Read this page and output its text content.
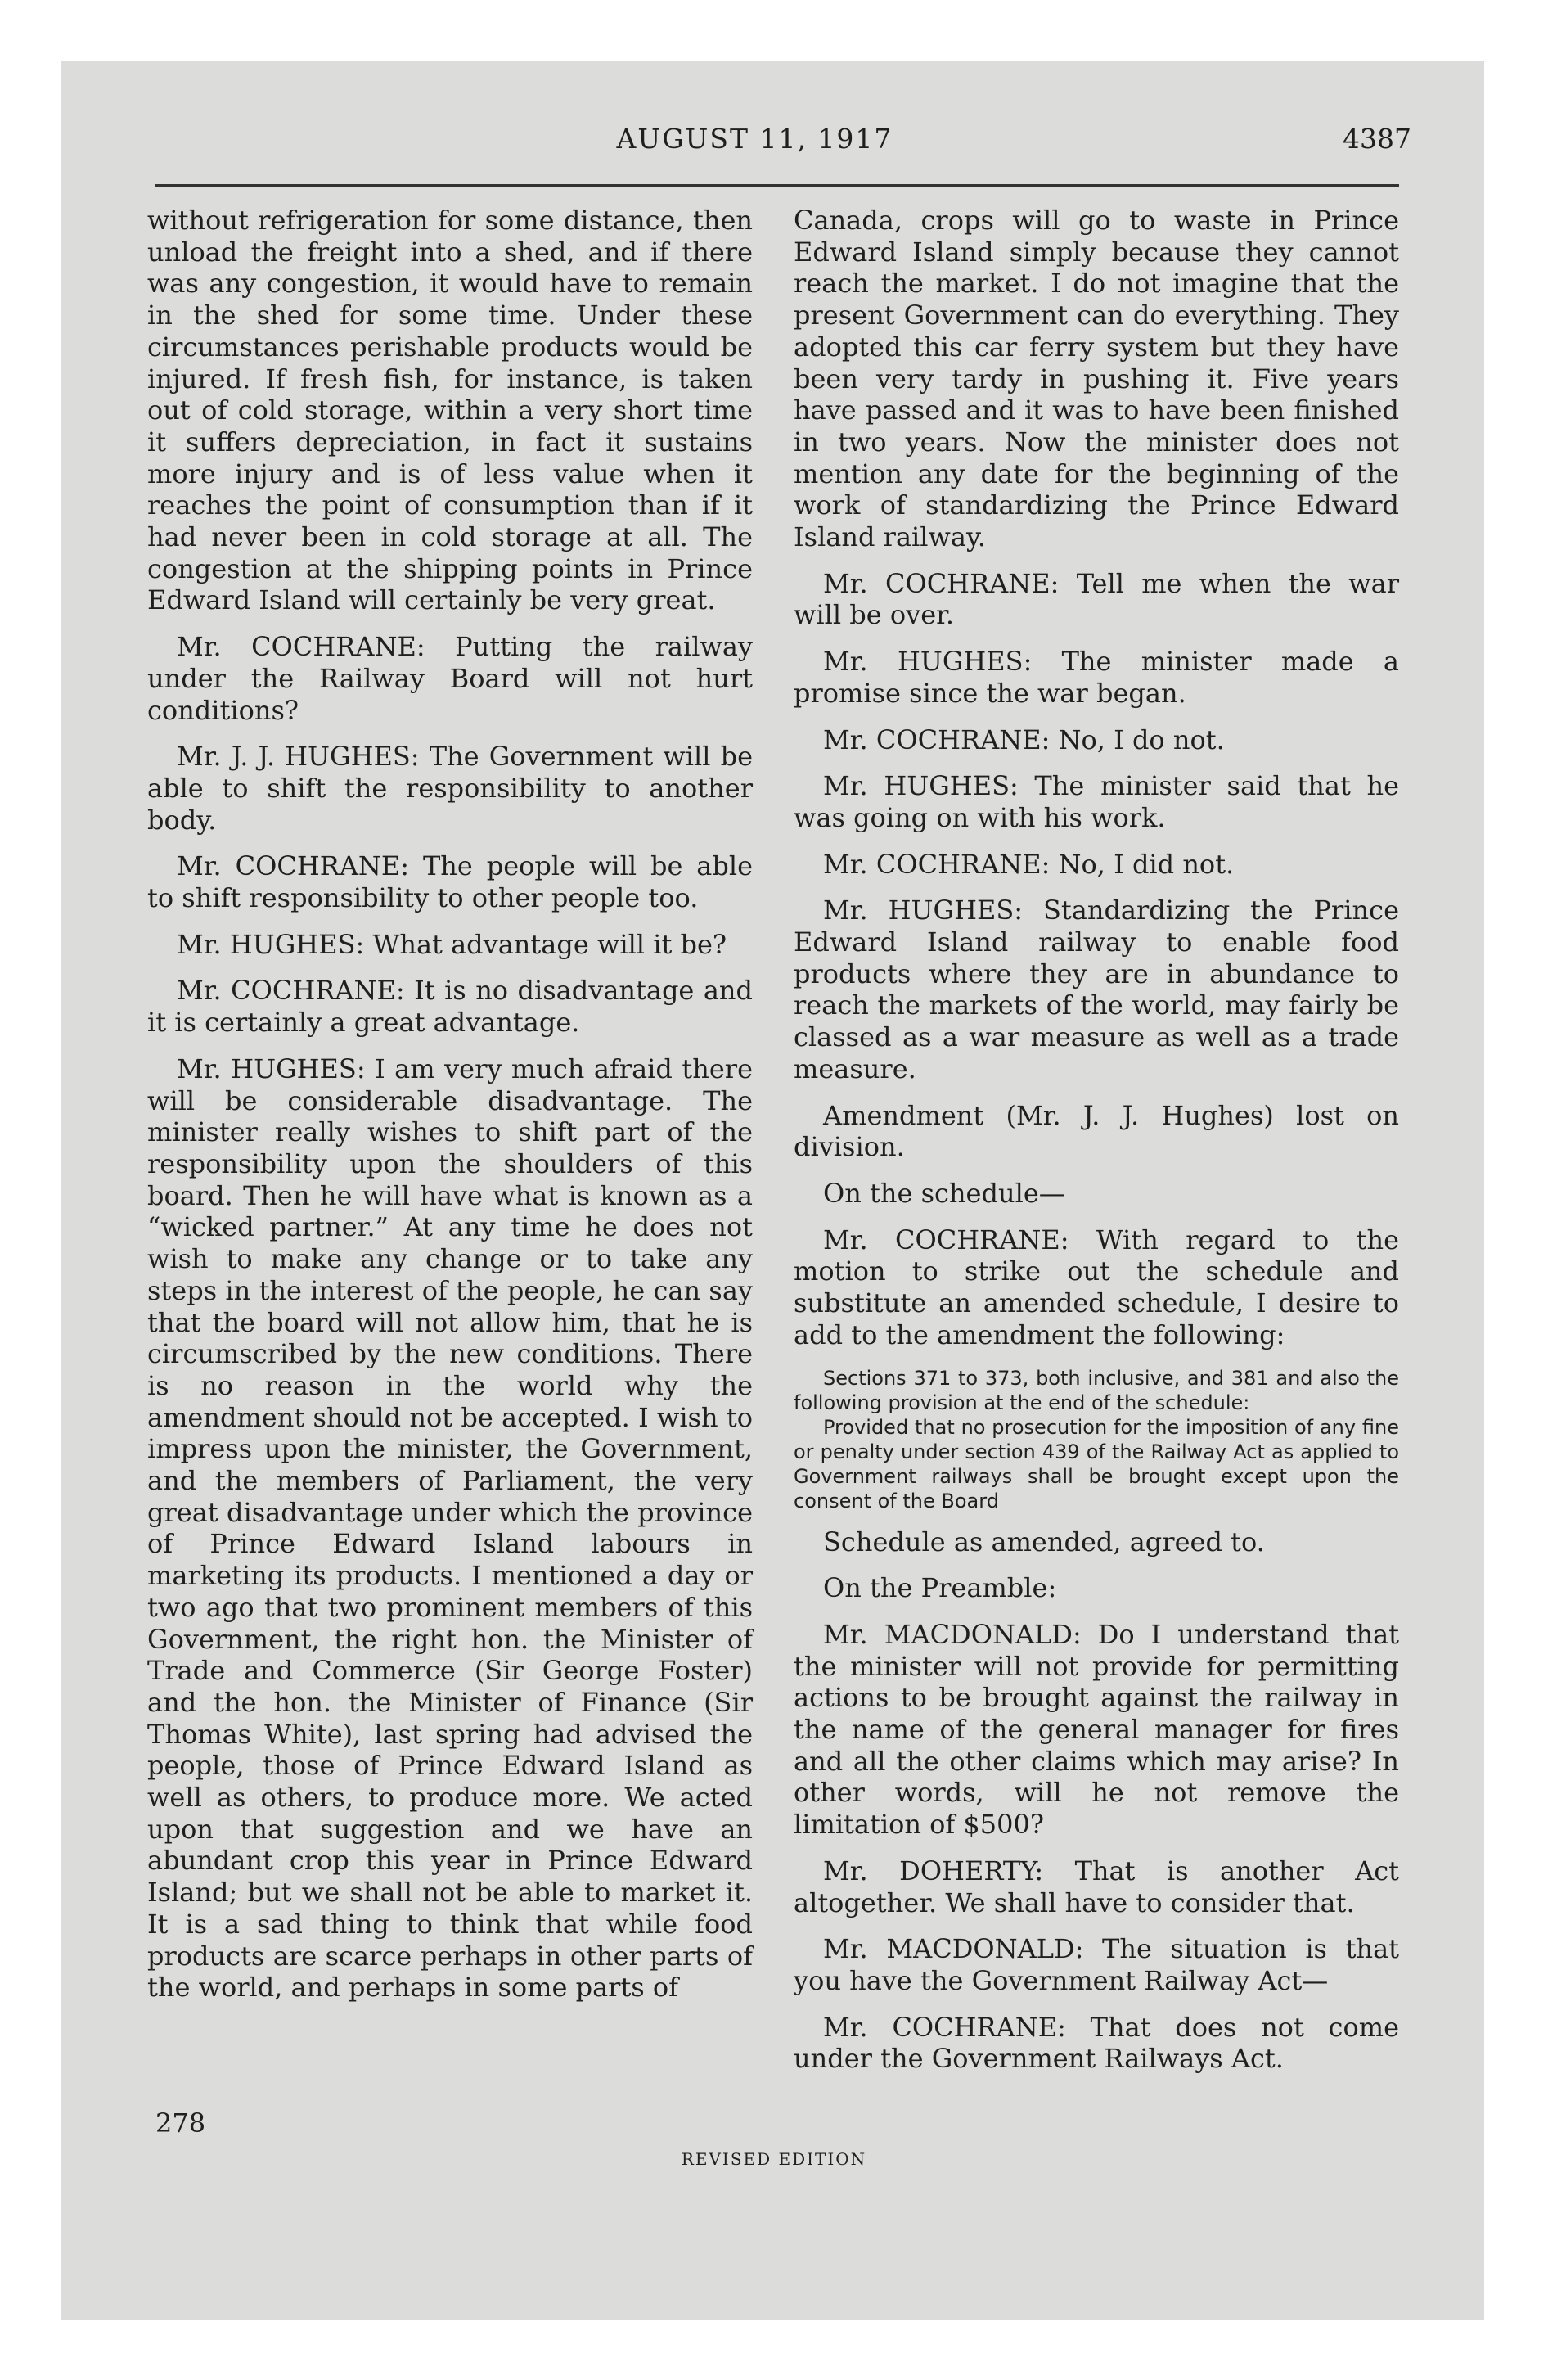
AUGUST 11, 1917	4387

without refrigeration for some distance, then unload the freight into a shed, and if there was any congestion, it would have to remain in the shed for some time. Under these circumstances perishable products would be injured. If fresh fish, for instance, is taken out of cold storage, within a very short time it suffers depreciation, in fact it sustains more injury and is of less value when it reaches the point of consumption than if it had never been in cold storage at all. The congestion at the shipping points in Prince Edward Island will certainly be very great.

Mr. COCHRANE: Putting the railway under the Railway Board will not hurt conditions?

Mr. J. J. HUGHES: The Government will be able to shift the responsibility to another body.

Mr. COCHRANE: The people will be able to shift responsibility to other people too.

Mr. HUGHES: What advantage will it be?

Mr. COCHRANE: It is no disadvantage and it is certainly a great advantage.

Mr. HUGHES: I am very much afraid there will be considerable disadvantage. The minister really wishes to shift part of the responsibility upon the shoulders of this board. Then he will have what is known as a “wicked partner.” At any time he does not wish to make any change or to take any steps in the interest of the people, he can say that the board will not allow him, that he is circumscribed by the new conditions. There is no reason in the world why the amendment should not be accepted. I wish to impress upon the minister, the Government, and the members of Parliament, the very great disadvantage under which the province of Prince Edward Island labours in marketing its products. I mentioned a day or two ago that two prominent members of this Government, the right hon. the Minister of Trade and Commerce (Sir George Foster) and the hon. the Minister of Finance (Sir Thomas White), last spring had advised the people, those of Prince Edward Island as well as others, to produce more. We acted upon that suggestion and we have an abundant crop this year in Prince Edward Island; but we shall not be able to market it. It is a sad thing to think that while food products are scarce perhaps in other parts of the world, and perhaps in some parts of

Canada, crops will go to waste in Prince Edward Island simply because they cannot reach the market. I do not imagine that the present Government can do everything. They adopted this car ferry system but they have been very tardy in pushing it. Five years have passed and it was to have been finished in two years. Now the minister does not mention any date for the beginning of the work of standardizing the Prince Edward Island railway.

Mr. COCHRANE: Tell me when the war will be over.

Mr. HUGHES: The minister made a promise since the war began.

Mr. COCHRANE: No, I do not.

Mr. HUGHES: The minister said that he was going on with his work.

Mr. COCHRANE: No, I did not.

Mr. HUGHES: Standardizing the Prince Edward Island railway to enable food products where they are in abundance to reach the markets of the world, may fairly be classed as a war measure as well as a trade measure.

Amendment (Mr. J. J. Hughes) lost on division.

On the schedule—

Mr. COCHRANE: With regard to the motion to strike out the schedule and substitute an amended schedule, I desire to add to the amendment the following:

Sections 371 to 373, both inclusive, and 381 and also the following provision at the end of the schedule:

Provided that no prosecution for the imposition of any fine or penalty under section 439 of the Railway Act as applied to Government railways shall be brought except upon the consent of the Board

Schedule as amended, agreed to.

On the Preamble:

Mr. MACDONALD: Do I understand that the minister will not provide for permitting actions to be brought against the railway in the name of the general manager for fires and all the other claims which may arise? In other words, will he not remove the limitation of $500?

Mr. DOHERTY: That is another Act altogether. We shall have to consider that.

Mr. MACDONALD: The situation is that you have the Government Railway Act—

Mr. COCHRANE: That does not come under the Government Railways Act.

278
REVISED EDITION
